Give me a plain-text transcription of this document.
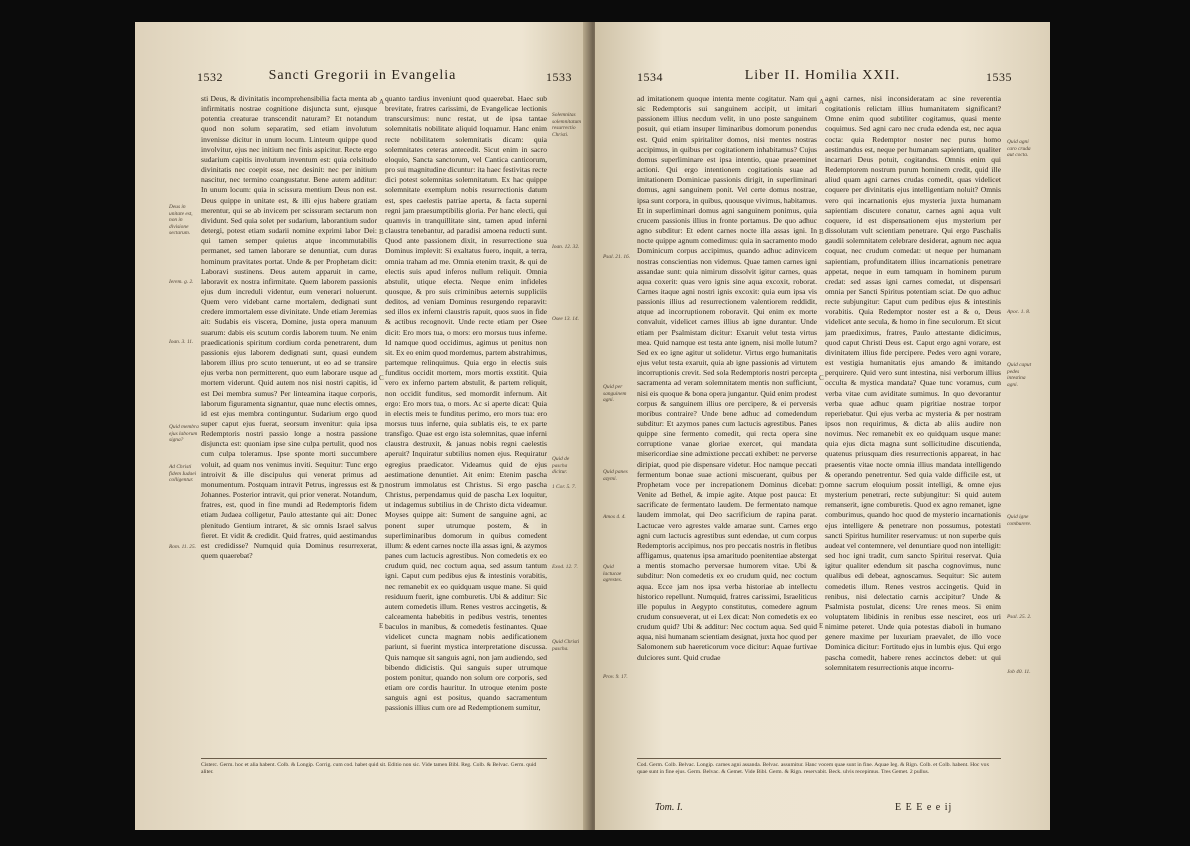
1532	Sancti Gregorii in Evangelia	1533
Deus in unitate est, non in divisione sectarum.
Ierem. g. 2.
Ioan. 3. 11.
Quid membra ejus laborum signa?
Ad Christi fidem Iudaei colligentur.
Rom. 11. 25.
sti Deus, & divinitatis incomprehensibilia facta menta ab infirmitatis nostrae cognitione disjuncta sunt, ejusque potentia creaturae transcendit naturam? Et notandum quod non solum separatim, sed etiam involutum invenisse dicitur in unum locum. Linteum quippe quod involvitur, ejus nec initium nec finis aspicitur. Recte ergo sudarium capitis involutum inventum est: quia celsitudo divinitatis nec coepit esse, nec desinit: nec per initium nascitur, nec termino coangustatur. Bene autem additur: In unum locum: quia in scissura mentium Deus non est. Deus quippe in unitate est, & illi ejus habere gratiam merentur, qui se ab invicem per scissuram sectarum non dividunt. Sed quia solet per sudarium, laborantium sudor detergi, potest etiam sudarii nomine exprimi labor Dei: qui tamen semper quietus atque incommutabilis permanet, sed tamen laborare se denuntiat, cum duras hominum pravitates portat. Unde & per Prophetam dicit: Laboravi sustinens. Deus autem apparuit in carne, laboravit ex nostra infirmitate. Quem laborem passionis ejus dum increduli videntur, eum venerari noluerunt. Quem vero videbant carne mortalem, dedignati sunt credere immortalem esse divinitate. Unde etiam Jeremias ait: Sudabis eis viscera, Domine, justa opera manuum suarum: dabis eis scutum cordis laborem tuum. Ne enim praedicationis spiritum cordium corda penetrarent, dum passionis ejus laborem dedignati sunt, quasi eundem laborem illius pro scuto tenuerunt, ut eo ad se transire ejus verba non permitterent, quo eum laborare usque ad mortem viderunt. Quid autem nos nisi nostri capitis, id est Dei membra sumus? Per linteamina itaque corporis, laborum figuramenta signantur, quae nunc electis omnes, id est ejus membra continguntur. Sudarium ergo quod super caput ejus fuerat, seorsum invenitur: quia ipsa Redemptoris nostri passio longe a nostra passione disjuncta est: quoniam ipse sine culpa pertulit, quod nos cum culpa toleramus. Ipse sponte morti succumbere voluit, ad quam nos venimus inviti. Sequitur: Tunc ergo introivit & ille discipulus qui venerat primus ad monumentum. Postquam intravit Petrus, ingressus est & Johannes. Posterior intravit, qui prior venerat. Notandum, fratres, est, quod in fine mundi ad Redemptoris fidem etiam Judaea colligetur, Paulo attestante qui ait: Donec plenitudo Gentium intraret, & sic omnis Israel salvus fieret. Et vidit & credidit. Quid fratres, quid aestimandus est credidisse? Numquid quia Dominus resurrexerat, quem quaerebat?
quanto tardius inveniunt quod quaerebat. Haec sub brevitate, fratres carissimi, de Evangelicae lectionis transcursimus: nunc restat, ut de ipsa tantae solemnitatis nobilitate aliquid loquamur. Hanc enim recte nobilitatem solemnitatis dicam: quia solemnitates ceteras antecedit. Sicut enim in sacro eloquio, Sancta sanctorum, vel Cantica canticorum, pro sui magnitudine dicuntur: ita haec festivitas recte dici potest solemnitas solemnitatum. Ex hac quippe solemnitate exemplum nobis resurrectionis datum est, spes caelestis patriae aperta, & facta superni regni jam praesumptibilis gloria. Per hanc electi, qui quamvis in tranquillitate sint, tamen apud inferni claustra tenebantur, ad paradisi amoena reducti sunt. Quod ante passionem dixit, in resurrectione sua Dominus implevit: Si exaltatus fuero, inquit, a terra, omnia traham ad me. Omnia etenim traxit, & qui de electis suis apud inferos nullum reliquit. Omnia abstulit, utique electa. Neque enim infideles quosque, & pro suis criminibus aeternis suppliciis deditos, ad veniam Dominus resurgendo reparavit: sed illos ex inferni claustris rapuit, quos suos in fide & actibus recognovit. Unde recte etiam per Osee dicit: Ero mors tua, o mors: ero morsus tuus inferne. Id namque quod occidimus, agimus ut penitus non sit. Ex eo enim quod mordemus, partem abstrahimus, partemque relinquimus. Quia ergo in electis suis funditus occidit mortem, mors mortis exstitit. Quia vero ex inferno partem abstulit, & partem reliquit, non occidit funditus, sed momordit infernum. Ait ergo: Ero mors tua, o mors. Ac si aperte dicat: Quia in electis meis te funditus perimo, ero mors tua: ero morsus tuus inferne, quia sublatis eis, te ex parte transfigo. Quae est ergo ista solemnitas, quae inferni claustra destruxit, & januas nobis regni caelestis aperuit? Inquiratur subtilius nomen ejus. Requiratur egregius praedicator. Videamus quid de ejus aestimatione denuntiet. Ait enim: Etenim pascha nostrum immolatus est Christus. Si ergo pascha Christus, perpendamus quid de pascha Lex loquitur, ut indagemus subtilius in de Christo dicta videamur. Moyses quippe ait: Sument de sanguine agni, ac ponent super utrumque postem, & in superliminaribus domorum in quibus comedent illum: & edent carnes nocte illa assas igni, & azymos panes cum lactucis agrestibus. Non comedetis ex eo crudum quid, nec coctum aqua, sed assum tantum igni. Caput cum pedibus ejus & intestinis vorabitis, nec remanebit ex eo quidquam usque mane. Si quid residuum fuerit, igne comburetis. Ubi & additur: Sic autem comedetis illum. Renes vestros accingetis, & calceamenta habebitis in pedibus vestris, tenentes baculos in manibus, & comedetis festinantes. Quae videlicet cuncta magnam nobis aedificationem pariunt, si fuerint mystica interpretatione discussa. Quis namque sit sanguis agni, non jam audiendo, sed bibendo didicistis. Qui sanguis super utrumque postem ponitur, quando non solum ore corporis, sed etiam ore cordis hauritur. In utroque etenim poste sanguis agni est positus, quando sacramentum passionis illius cum ore ad Redemptionem sumitur,
A
B
C
D
E
Solemnitas solemnitatum resurrectio Christi.
Ioan. 12. 32.
Osee 13. 14.
Quid de pascha dicitur.
1 Cor. 5. 7.
Exod. 12. 7.
Quid Christi pascha.
Cisterc. Germ. hoc et alia habent. Colb. & Longip. Corrig. cum cod. habet quid sit. Editio non sic. Vide tamen Bibl. Reg. Colb. & Belvac. Germ. quid aliter.
1534	Liber II. Homilia XXII.	1535
Psal. 21. 16.
Quid per sanguinem agni.
Quid panes azymi.
Amos 4. 4.
Quid lactucae agrestes.
Prov. 9. 17.
ad imitationem quoque intenta mente cogitatur. Nam qui sic Redemptoris sui sanguinem accipit, ut imitari passionem illius necdum velit, in uno poste sanguinem posuit, qui etiam insuper liminaribus domorum ponendus est. Quid enim spiritaliter domos, nisi mentes nostras accipimus, in quibus per cogitationem inhabitamus? Cujus domus superliminare est ipsa intentio, quae praeeminet actioni. Qui ergo intentionem cogitationis suae ad imitationem Dominicae passionis dirigit, in superliminari domus, agni sanguinem ponit. Vel certe domus nostrae, ipsa sunt corpora, in quibus, quousque vivimus, habitamus. Et in superliminari domus agni sanguinem ponimus, quia crucem passionis illius in fronte portamus. De quo adhuc agno subditur: Et edent carnes nocte illa assas igni. In nocte quippe agnum comedimus: quia in sacramento modo Dominicum corpus accipimus, quando adhuc adinvicem nostras conscientias non videmus. Quae tamen carnes igni assandae sunt: quia nimirum dissolvit igitur carnes, quas aqua coxerit: quas vero ignis sine aqua excoxit, roborat. Carnes itaque agni nostri ignis excoxit: quia eum ipsa vis passionis illius ad resurrectionem valentiorem reddidit, atque ad incorruptionem roboravit. Qui enim ex morte convaluit, videlicet carnes illius ab igne durantur. Unde etiam per Psalmistam dicitur: Exaruit velut testa virtus mea. Quid namque est testa ante ignem, nisi molle lutum? Sed ex eo igne agitur ut solidetur. Virtus ergo humanitatis ejus velut testa exaruit, quia ab igne passionis ad virtutem incorruptionis crevit. Sed sola Redemptoris nostri percepta sacramenta ad veram solemnitatem mentis non sufficiunt, nisi eis quoque & bona opera jungantur. Quid enim prodest corpus & sanguinem illius ore percipere, & ei perversis moribus contraire? Unde bene adhuc ad comedendum subditur: Et azymos panes cum lactucis agrestibus. Panes quippe sine fermento comedit, qui recta opera sine corruptione vanae gloriae exercet, qui mandata misericordiae sine admixtione peccati exhibet: ne perverse diripiat, quod pie dispensare videtur. Hoc namque peccati fermentum bonae suae actioni miscuerant, quibus per Prophetam voce per increpationem Dominus dicebat: Venite ad Bethel, & impie agite. Atque post pauca: Et sacrificate de fermentato laudem. De fermentato namque laudem immolat, qui Deo sacrificium de rapina parat. Lactucae vero agrestes valde amarae sunt. Carnes ergo agni cum lactucis agrestibus sunt edendae, ut cum corpus Redemptoris accipimus, nos pro peccatis nostris in fletibus affligamus, quatenus ipsa amaritudo poenitentiae abstergat a mentis stomacho perversae humorem vitae. Ubi & subditur: Non comedetis ex eo crudum quid, nec coctum aqua. Ecce jam nos ipsa verba historiae ab intellectu historico repellunt. Numquid, fratres carissimi, Israeliticus ille populus in Aegypto constitutus, comedere agnum crudum consueverat, ut ei Lex dicat: Non comedetis ex eo crudum quid? Ubi & additur: Nec coctum aqua. Sed quid aqua, nisi humanam scientiam designat, juxta hoc quod per Salomonem sub haereticorum voce dicitur: Aquae furtivae dulciores sunt. Quid crudae
agni carnes, nisi inconsideratam ac sine reverentia cogitationis relictam illius humanitatem significant? Omne enim quod subtiliter cogitamus, quasi mente coquimus. Sed agni caro nec cruda edenda est, nec aqua cocta: quia Redemptor noster nec purus homo aestimandus est, neque per humanam sapientiam, qualiter incarnari Deus potuit, cogitandus. Omnis enim qui Redemptorem nostrum purum hominem credit, quid ille aliud quam agni carnes crudas comedit, quas videlicet coquere per divinitatis ejus intelligentiam noluit? Omnis vero qui incarnationis ejus mysteria juxta humanam sapientiam discutere conatur, carnes agni aqua vult coquere, id est dispensationem ejus mysterium per dissolutam vult scientiam penetrare. Qui ergo Paschalis gaudii solemnitatem celebrare desiderat, agnum nec aqua coquat, nec crudum comedat: ut neque per humanam sapientiam, profunditatem illius incarnationis penetrare appetat, neque in eum tamquam in hominem purum credat: sed assas igni carnes comedat, ut dispensari omnia per Sancti Spiritus potentiam sciat. De quo adhuc recte subjungitur: Caput cum pedibus ejus & intestinis vorabitis. Quia Redemptor noster est a & o, Deus videlicet ante secula, & homo in fine seculorum. Et sicut jam praediximus, fratres, Paulo attestante didicimus, quod caput Christi Deus est. Caput ergo agni vorare, est divinitatem illius fide percipere. Pedes vero agni vorare, est vestigia humanitatis ejus amando & imitando perquirere. Quid vero sunt intestina, nisi verborum illius occulta & mystica mandata? Quae tunc voramus, cum verba vitae cum aviditate sumimus. In quo devorantur verba quae adhuc quam pigritiae nostrae torpor reperiebatur. Qui ejus verba ac mysteria & per nostram ipsos non requirimus, & dicta ab aliis audire non novimus. Nec remanebit ex eo quidquam usque mane: quia ejus dicta magna sunt sollicitudine discutienda, quatenus priusquam dies resurrectionis appareat, in hac praesentis vitae nocte omnia illius mandata intelligendo & operando penetrentur. Sed quia valde difficile est, ut omne sacrum eloquium possit intelligi, & omne ejus mysterium penetrari, recte subjungitur: Si quid autem remanserit, igne comburetis. Quod ex agno remanet, igne comburimus, quando hoc quod de mysterio incarnationis ejus intelligere & penetrare non possumus, potestati sancti Spiritus humiliter reservamus: ut non superbe quis audeat vel contemnere, vel denuntiare quod non intelligit: sed hoc igni tradit, cum sancto Spiritui reservat. Quia igitur qualiter edendum sit pascha cognovimus, nunc qualibus edi debeat, agnoscamus. Sequitur: Sic autem comedetis illum. Renes vestros accingetis. Quid in renibus, nisi delectatio carnis accipitur? Unde & Psalmista postulat, dicens: Ure renes meos. Si enim voluptatem libidinis in renibus esse nesciret, eos uri nimime peteret. Unde quia potestas diaboli in humano genere maxime per luxuriam praevalet, de illo voce Dominica dicitur: Fortitudo ejus in lumbis ejus. Qui ergo pascha comedit, habere renes accinctos debet: ut qui solemnitatem resurrectionis atque incorru-
A
B
C
D
E
Quid agni caro cruda aut cocta.
Apoc. 1. 8.
Quid caput pedes intestina agni.
Quid igne comburere.
Psal. 25. 2.
Job 40. 11.
Cod. Germ. Colb. Belvac. Longip. carnes agni assanda. Belvac. assumitur. Hanc vocem quae sunt in fine. Aquae Ieg. & Rign. Colb. et Colb. habent. Hoc vox quae sunt in fine ejus. Germ. Belvac. & Gemet. Vide Bibl. Germ. & Rign. reservabit. Beck. ulvis recepimus. Tres Gemet. 2 pullus.
Tom. I.	E E E e e ij
